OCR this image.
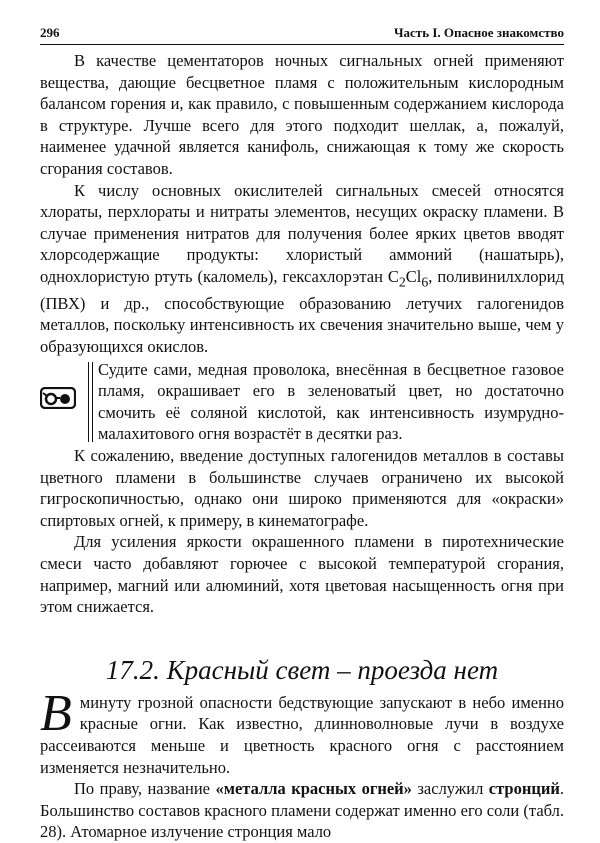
296	Часть I. Опасное знакомство

В качестве цементаторов ночных сигнальных огней применяют вещества, дающие бесцветное пламя с положительным кислородным балансом горения и, как правило, с повышенным содержанием кислорода в структуре. Лучше всего для этого подходит шеллак, а, пожалуй, наименее удачной является канифоль, снижающая к тому же скорость сгорания составов.

К числу основных окислителей сигнальных смесей относятся хлораты, перхлораты и нитраты элементов, несущих окраску пламени. В случае применения нитратов для получения более ярких цветов вводят хлорсодержащие продукты: хлористый аммоний (нашатырь), однохлористую ртуть (каломель), гексахлорэтан $C_2Cl_6$, поливинилхлорид (ПВХ) и др., способствующие образованию летучих галогенидов металлов, поскольку интенсивность их свечения значительно выше, чем у образующихся окислов.

Судите сами, медная проволока, внесённая в бесцветное газовое пламя, окрашивает его в зеленоватый цвет, но достаточно смочить её соляной кислотой, как интенсивность изумрудно-малахитового огня возрастёт в десятки раз.

К сожалению, введение доступных галогенидов металлов в составы цветного пламени в большинстве случаев ограничено их высокой гигроскопичностью, однако они широко применяются для «окраски» спиртовых огней, к примеру, в кинематографе.

Для усиления яркости окрашенного пламени в пиротехнические смеси часто добавляют горючее с высокой температурой сгорания, например, магний или алюминий, хотя цветовая насыщенность огня при этом снижается.

17.2. Красный свет – проезда нет
В минуту грозной опасности бедствующие запускают в небо именно красные огни. Как известно, длинноволновые лучи в воздухе рассеиваются меньше и цветность красного огня с расстоянием изменяется незначительно.

По праву, название «металла красных огней» заслужил стронций. Большинство составов красного пламени содержат именно его соли (табл. 28). Атомарное излучение стронция мало
